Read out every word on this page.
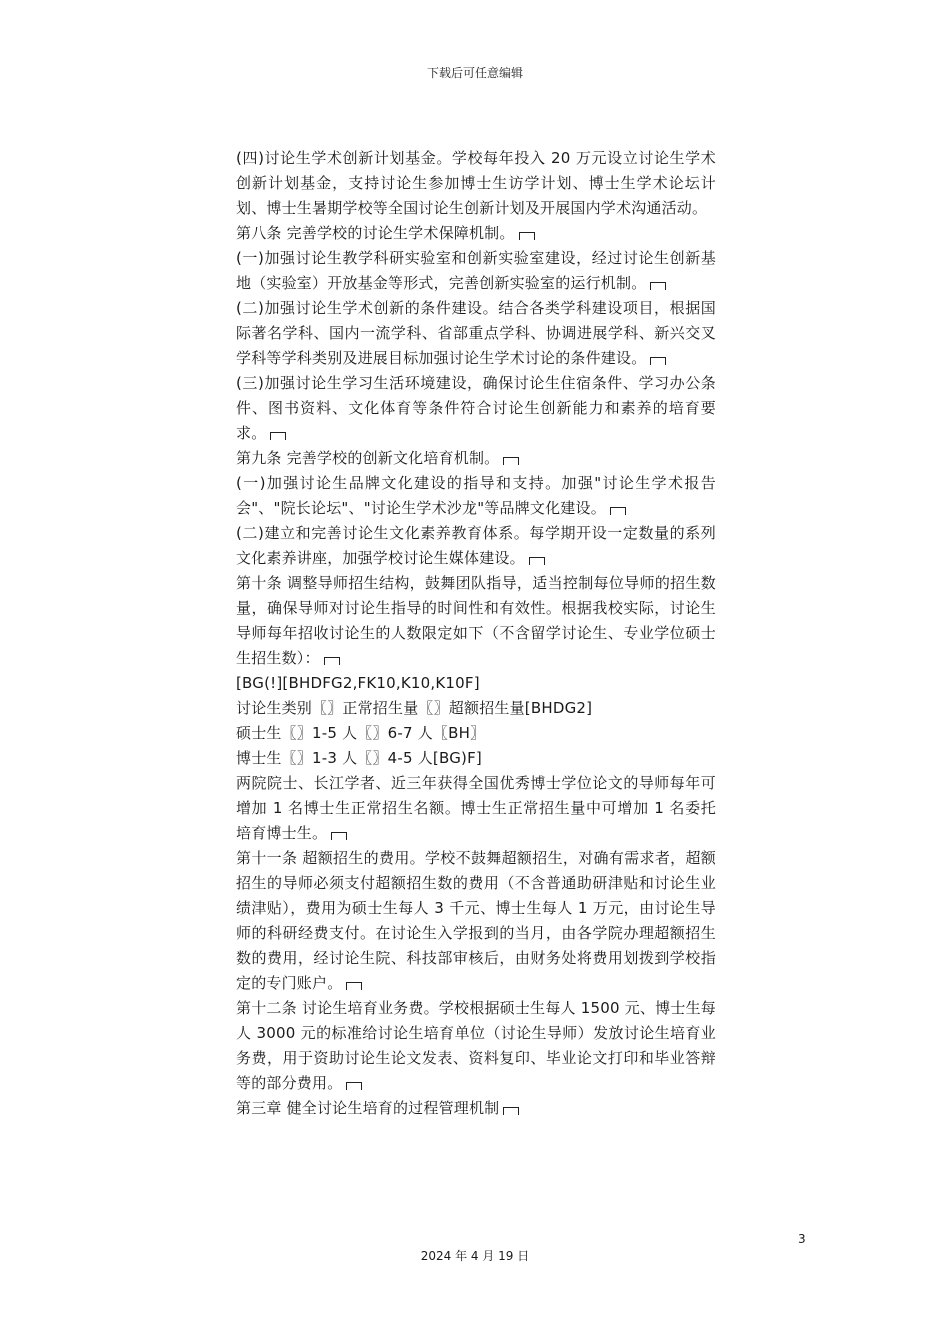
下载后可任意编辑

(四)讨论生学术创新计划基金。学校每年投入 20 万元设立讨论生学术创新计划基金，支持讨论生参加博士生访学计划、博士生学术论坛计划、博士生暑期学校等全国讨论生创新计划及开展国内学术沟通活动。

第八条 完善学校的讨论生学术保障机制。

(一)加强讨论生教学科研实验室和创新实验室建设，经过讨论生创新基地（实验室）开放基金等形式，完善创新实验室的运行机制。

(二)加强讨论生学术创新的条件建设。结合各类学科建设项目，根据国际著名学科、国内一流学科、省部重点学科、协调进展学科、新兴交叉学科等学科类别及进展目标加强讨论生学术讨论的条件建设。

(三)加强讨论生学习生活环境建设，确保讨论生住宿条件、学习办公条件、图书资料、文化体育等条件符合讨论生创新能力和素养的培育要求。

第九条 完善学校的创新文化培育机制。

(一)加强讨论生品牌文化建设的指导和支持。加强"讨论生学术报告会"、"院长论坛"、"讨论生学术沙龙"等品牌文化建设。

(二)建立和完善讨论生文化素养教育体系。每学期开设一定数量的系列文化素养讲座，加强学校讨论生媒体建设。

第十条 调整导师招生结构，鼓舞团队指导，适当控制每位导师的招生数量，确保导师对讨论生指导的时间性和有效性。根据我校实际，讨论生导师每年招收讨论生的人数限定如下（不含留学讨论生、专业学位硕士生招生数）：

[BG(!][BHDFG2,FK10,K10,K10F]

讨论生类别〖〗正常招生量〖〗超额招生量[BHDG2]

硕士生〖〗1-5 人〖〗6-7 人〖BH〗

博士生〖〗1-3 人〖〗4-5 人[BG)F]

两院院士、长江学者、近三年获得全国优秀博士学位论文的导师每年可增加 1 名博士生正常招生名额。博士生正常招生量中可增加 1 名委托培育博士生。

第十一条 超额招生的费用。学校不鼓舞超额招生，对确有需求者，超额招生的导师必须支付超额招生数的费用（不含普通助研津贴和讨论生业绩津贴），费用为硕士生每人 3 千元、博士生每人 1 万元，由讨论生导师的科研经费支付。在讨论生入学报到的当月，由各学院办理超额招生数的费用，经讨论生院、科技部审核后，由财务处将费用划拨到学校指定的专门账户。

第十二条 讨论生培育业务费。学校根据硕士生每人 1500 元、博士生每人 3000 元的标准给讨论生培育单位（讨论生导师）发放讨论生培育业务费，用于资助讨论生论文发表、资料复印、毕业论文打印和毕业答辩等的部分费用。

第三章 健全讨论生培育的过程管理机制

3
2024 年 4 月 19 日
